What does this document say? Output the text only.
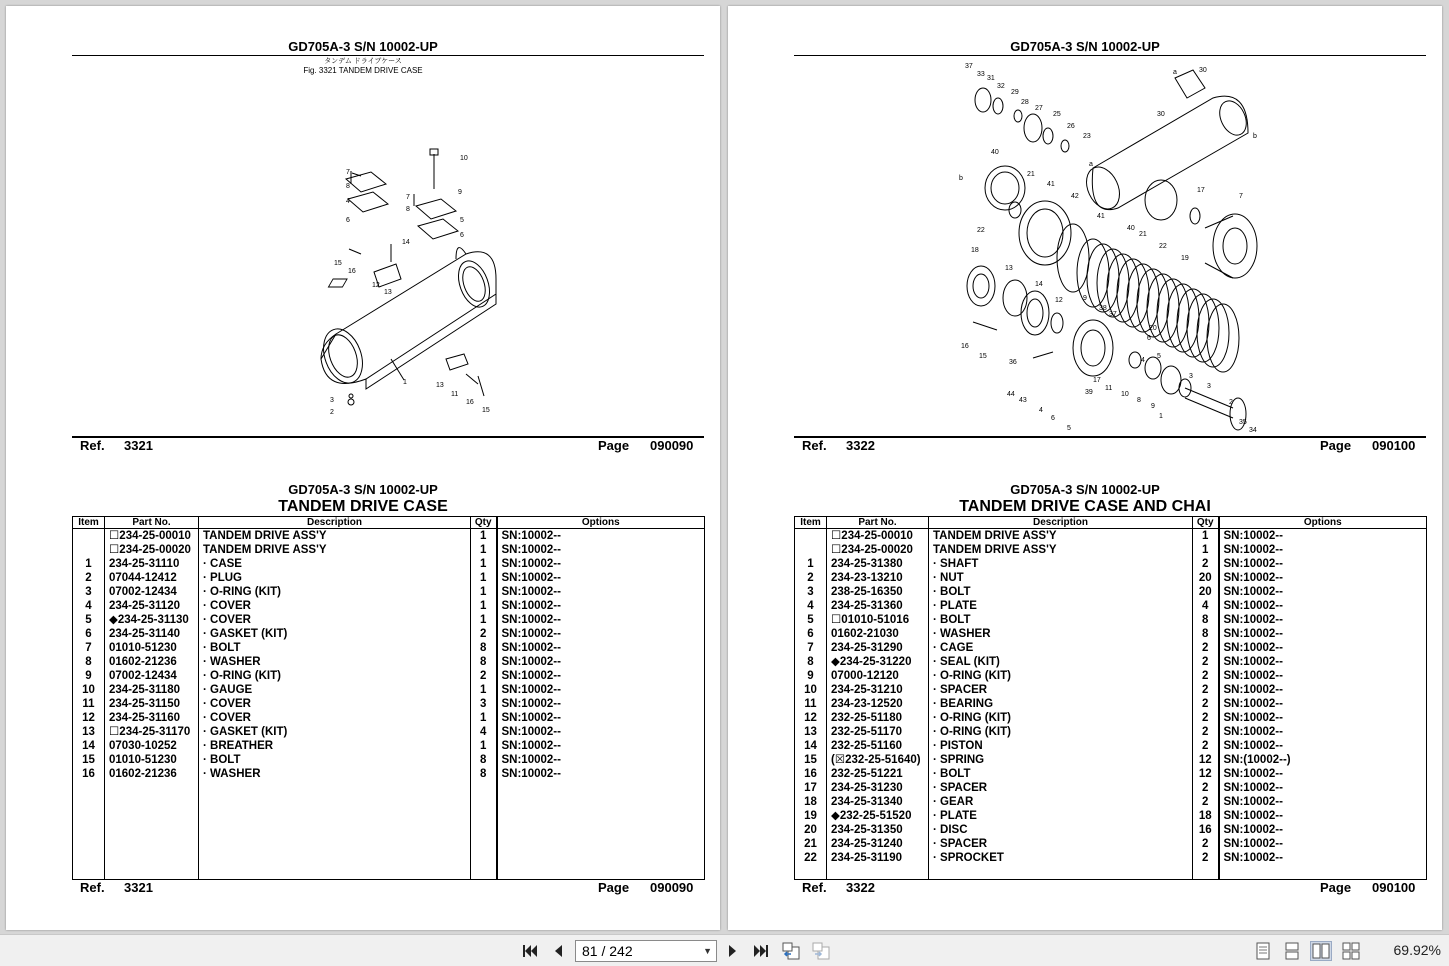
GD705A-3 S/N 10002-UP
タンデム ドライブケース
Fig. 3321 TANDEM DRIVE CASE
7
8
4
6
10
9
7
8
5
6
14
15
16
12
13
1	13
11
16
15
3
2
Ref. 3321	Page 090090
GD705A-3 S/N 10002-UP
TANDEM DRIVE CASE
Item	Part No.	Description	Qty	Options
	☐234-25-00010	TANDEM DRIVE ASS'Y	1	SN:10002--
	☐234-25-00020	TANDEM DRIVE ASS'Y	1	SN:10002--
1	234-25-31110	· CASE	1	SN:10002--
2	07044-12412	· PLUG	1	SN:10002--
3	07002-12434	· O-RING (KIT)	1	SN:10002--
4	234-25-31120	· COVER	1	SN:10002--
5	◆234-25-31130	· COVER	1	SN:10002--
6	234-25-31140	· GASKET (KIT)	2	SN:10002--
7	01010-51230	· BOLT	8	SN:10002--
8	01602-21236	· WASHER	8	SN:10002--
9	07002-12434	· O-RING (KIT)	2	SN:10002--
10	234-25-31180	· GAUGE	1	SN:10002--
11	234-25-31150	· COVER	3	SN:10002--
12	234-25-31160	· COVER	1	SN:10002--
13	☐234-25-31170	· GASKET (KIT)	4	SN:10002--
14	07030-10252	· BREATHER	1	SN:10002--
15	01010-51230	· BOLT	8	SN:10002--
16	01602-21236	· WASHER	8	SN:10002--

Ref. 3321	Page 090090
GD705A-3 S/N 10002-UP
37
33
31
32
29
28
27
25
26
23
a
a	30
30
b
b
40
22
21
41
42
41
40
21
22
17
7
19
18
13
14
12	9
16
15
38
37
20
6
5
4
36
17
39
11
10
8
9
3
3
2
1
35
34
44
43
4
6
5
Ref. 3322	Page 090100
GD705A-3 S/N 10002-UP
TANDEM DRIVE CASE AND CHAI
Item	Part No.	Description	Qty	Options
	☐234-25-00010	TANDEM DRIVE ASS'Y	1	SN:10002--
	☐234-25-00020	TANDEM DRIVE ASS'Y	1	SN:10002--
1	234-25-31380	· SHAFT	2	SN:10002--
2	234-23-13210	· NUT	20	SN:10002--
3	238-25-16350	· BOLT	20	SN:10002--
4	234-25-31360	· PLATE	4	SN:10002--
5	☐01010-51016	· BOLT	8	SN:10002--
6	01602-21030	· WASHER	8	SN:10002--
7	234-25-31290	· CAGE	2	SN:10002--
8	◆234-25-31220	· SEAL (KIT)	2	SN:10002--
9	07000-12120	· O-RING (KIT)	2	SN:10002--
10	234-25-31210	· SPACER	2	SN:10002--
11	234-23-12520	· BEARING	2	SN:10002--
12	232-25-51180	· O-RING (KIT)	2	SN:10002--
13	232-25-51170	· O-RING (KIT)	2	SN:10002--
14	232-25-51160	· PISTON	2	SN:10002--
15	(☒232-25-51640)	· SPRING	12	SN:(10002--)
16	232-25-51221	· BOLT	12	SN:10002--
17	234-25-31230	· SPACER	2	SN:10002--
18	234-25-31340	· GEAR	2	SN:10002--
19	◆232-25-51520	· PLATE	18	SN:10002--
20	234-25-31350	· DISC	16	SN:10002--
21	234-25-31240	· SPACER	2	SN:10002--
22	234-25-31190	· SPROCKET	2	SN:10002--

Ref. 3322	Page 090100
81 / 242	▼	69.92%
